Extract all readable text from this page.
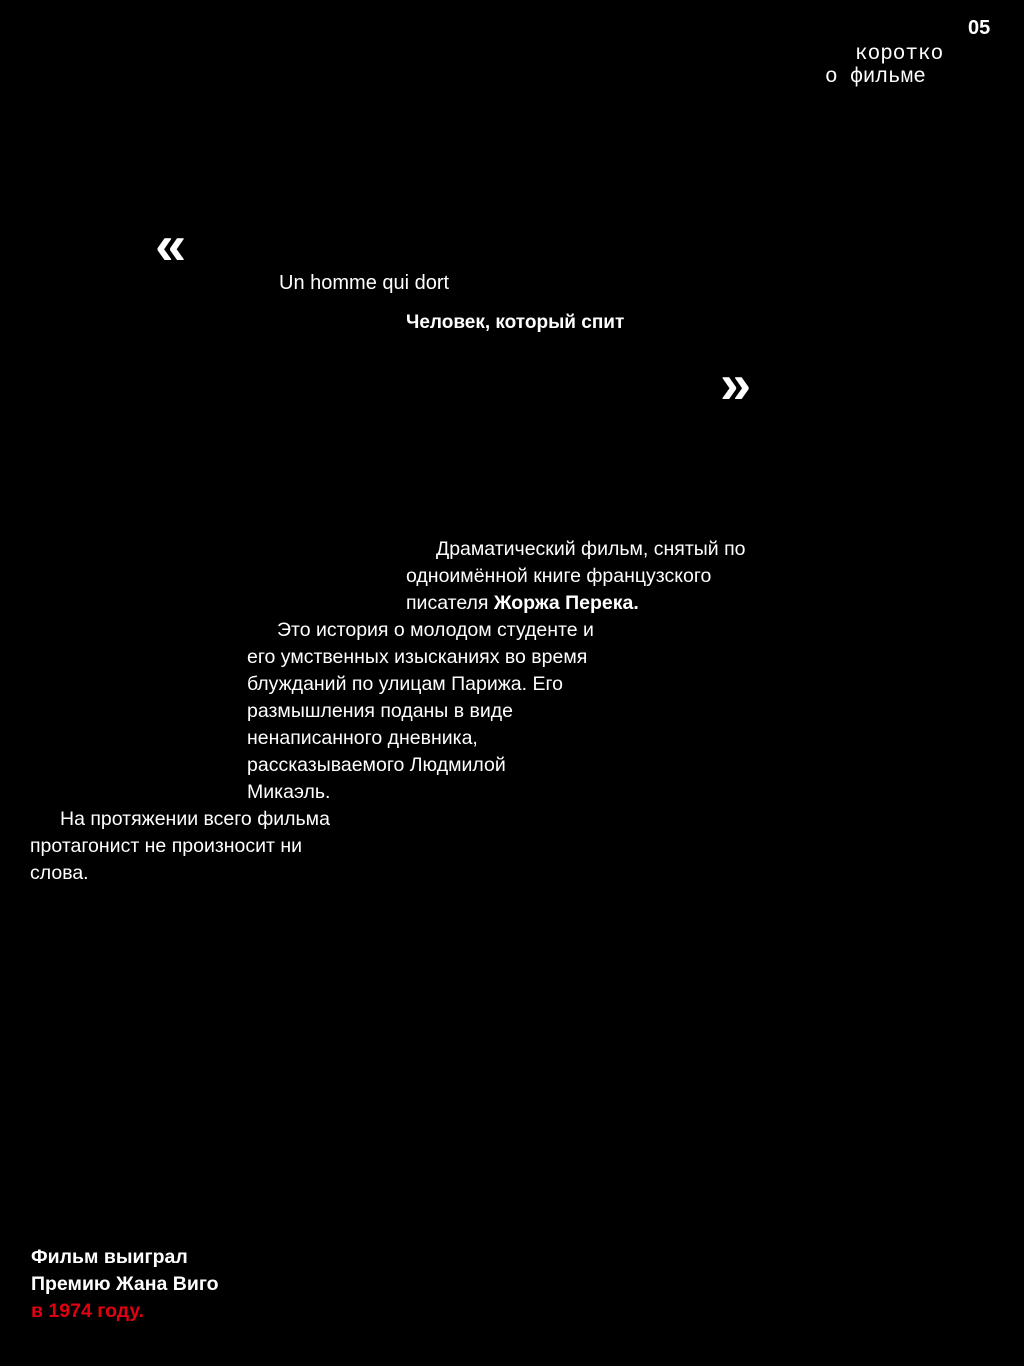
05
коротко
о фильме
«
Un homme qui dort
Человек, который спит
»
Драматический фильм, снятый по
одноимённой книге французского
писателя Жоржа Перека.
Это история о молодом студенте и
его умственных изысканиях во время
блужданий по улицам Парижа. Его
размышления поданы в виде
ненаписанного дневника,
рассказываемого Людмилой
Микаэль.
На протяжении всего фильма
протагонист не произносит ни
слова.
Фильм выиграл
Премию Жана Виго
в 1974 году.
